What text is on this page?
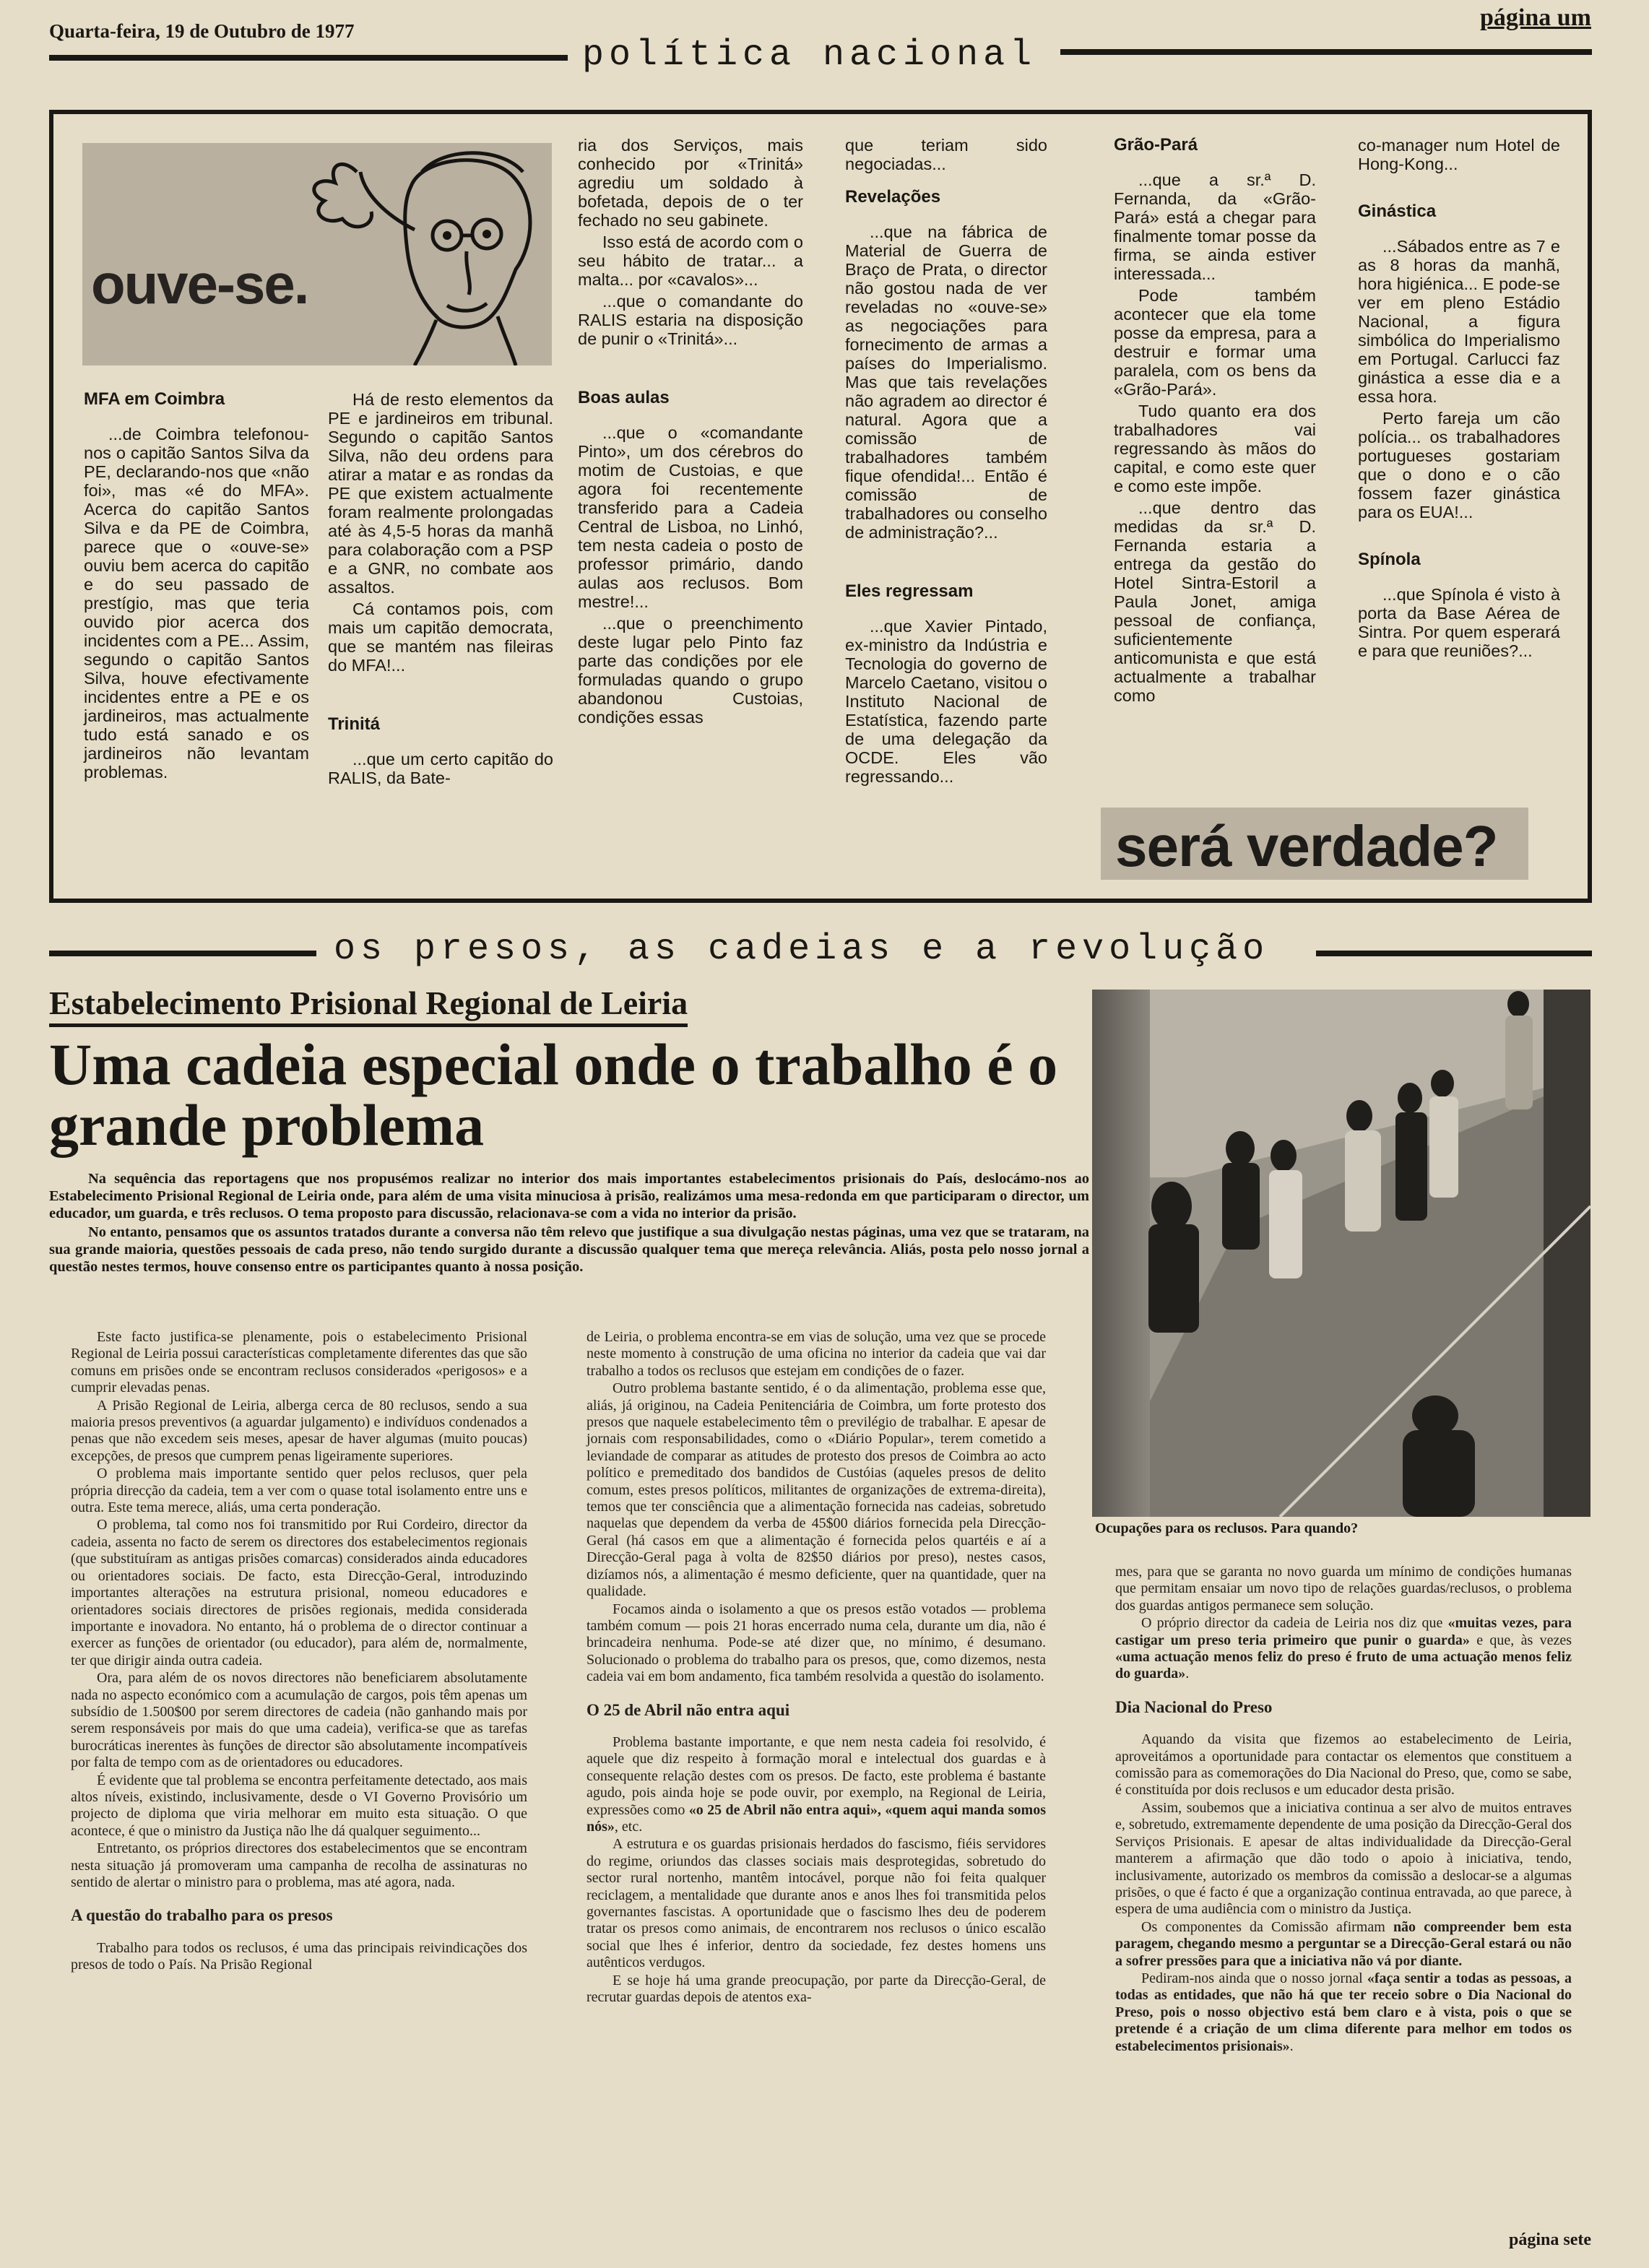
Quarta-feira, 19 de Outubro de 1977	página um
política nacional
ouve-se.

MFA em Coimbra

...de Coimbra telefonou-nos o capitão Santos Silva da PE, declarando-nos que «não foi», mas «é do MFA». Acerca do capitão Santos Silva e da PE de Coimbra, parece que o «ouve-se» ouviu bem acerca do capitão e do seu passado de prestígio, mas que teria ouvido pior acerca dos incidentes com a PE... Assim, segundo o capitão Santos Silva, houve efectivamente incidentes entre a PE e os jardineiros, mas actualmente tudo está sanado e os jardineiros não levantam problemas.

Há de resto elementos da PE e jardineiros em tribunal. Segundo o capitão Santos Silva, não deu ordens para atirar a matar e as rondas da PE que existem actualmente foram realmente prolongadas até às 4,5-5 horas da manhã para colaboração com a PSP e a GNR, no combate aos assaltos.

Cá contamos pois, com mais um capitão democrata, que se mantém nas fileiras do MFA!...

Trinitá

...que um certo capitão do RALIS, da Bate-

ria dos Serviços, mais conhecido por «Trinitá» agrediu um soldado à bofetada, depois de o ter fechado no seu gabinete.

Isso está de acordo com o seu hábito de tratar... a malta... por «cavalos»...

...que o comandante do RALIS estaria na disposição de punir o «Trinitá»...

Boas aulas

...que o «comandante Pinto», um dos cérebros do motim de Custoias, e que agora foi recentemente transferido para a Cadeia Central de Lisboa, no Linhó, tem nesta cadeia o posto de professor primário, dando aulas aos reclusos. Bom mestre!...

...que o preenchimento deste lugar pelo Pinto faz parte das condições por ele formuladas quando o grupo abandonou Custoias, condições essas

que teriam sido negociadas...

Revelações

...que na fábrica de Material de Guerra de Braço de Prata, o director não gostou nada de ver reveladas no «ouve-se» as negociações para fornecimento de armas a países do Imperialismo. Mas que tais revelações não agradem ao director é natural. Agora que a comissão de trabalhadores também fique ofendida!... Então é comissão de trabalhadores ou conselho de administração?...

Eles regressam

...que Xavier Pintado, ex-ministro da Indústria e Tecnologia do governo de Marcelo Caetano, visitou o Instituto Nacional de Estatística, fazendo parte de uma delegação da OCDE. Eles vão regressando...

Grão-Pará

...que a sr.ª D. Fernanda, da «Grão-Pará» está a chegar para finalmente tomar posse da firma, se ainda estiver interessada...

Pode também acontecer que ela tome posse da empresa, para a destruir e formar uma paralela, com os bens da «Grão-Pará».

Tudo quanto era dos trabalhadores vai regressando às mãos do capital, e como este quer e como este impõe.

...que dentro das medidas da sr.ª D. Fernanda estaria a entrega da gestão do Hotel Sintra-Estoril a Paula Jonet, amiga pessoal de confiança, suficientemente anticomunista e que está actualmente a trabalhar como

co-manager num Hotel de Hong-Kong...

Ginástica

...Sábados entre as 7 e as 8 horas da manhã, hora higiénica... E pode-se ver em pleno Estádio Nacional, a figura simbólica do Imperialismo em Portugal. Carlucci faz ginástica a esse dia e a essa hora.

Perto fareja um cão polícia... os trabalhadores portugueses gostariam que o dono e o cão fossem fazer ginástica para os EUA!...

Spínola

...que Spínola é visto à porta da Base Aérea de Sintra. Por quem esperará e para que reuniões?...

será verdade?
os presos, as cadeias e a revolução
Estabelecimento Prisional Regional de Leiria
Uma cadeia especial onde o trabalho é o grande problema

Na sequência das reportagens que nos propusémos realizar no interior dos mais importantes estabelecimentos prisionais do País, deslocámo-nos ao Estabelecimento Prisional Regional de Leiria onde, para além de uma visita minuciosa à prisão, realizámos uma mesa-redonda em que participaram o director, um educador, um guarda, e três reclusos. O tema proposto para discussão, relacionava-se com a vida no interior da prisão.

No entanto, pensamos que os assuntos tratados durante a conversa não têm relevo que justifique a sua divulgação nestas páginas, uma vez que se trataram, na sua grande maioria, questões pessoais de cada preso, não tendo surgido durante a discussão qualquer tema que mereça relevância. Aliás, posta pelo nosso jornal a questão nestes termos, houve consenso entre os participantes quanto à nossa posição.

Este facto justifica-se plenamente, pois o estabelecimento Prisional Regional de Leiria possui características completamente diferentes das que são comuns em prisões onde se encontram reclusos considerados «perigosos» e a cumprir elevadas penas.

A Prisão Regional de Leiria, alberga cerca de 80 reclusos, sendo a sua maioria presos preventivos (a aguardar julgamento) e indivíduos condenados a penas que não excedem seis meses, apesar de haver algumas (muito poucas) excepções, de presos que cumprem penas ligeiramente superiores.

O problema mais importante sentido quer pelos reclusos, quer pela própria direcção da cadeia, tem a ver com o quase total isolamento entre uns e outra. Este tema merece, aliás, uma certa ponderação.

O problema, tal como nos foi transmitido por Rui Cordeiro, director da cadeia, assenta no facto de serem os directores dos estabelecimentos regionais (que substituíram as antigas prisões comarcas) considerados ainda educadores ou orientadores sociais. De facto, esta Direcção-Geral, introduzindo importantes alterações na estrutura prisional, nomeou educadores e orientadores sociais directores de prisões regionais, medida considerada importante e inovadora. No entanto, há o problema de o director continuar a exercer as funções de orientador (ou educador), para além de, normalmente, ter que dirigir ainda outra cadeia.

Ora, para além de os novos directores não beneficiarem absolutamente nada no aspecto económico com a acumulação de cargos, pois têm apenas um subsídio de 1.500$00 por serem directores de cadeia (não ganhando mais por serem responsáveis por mais do que uma cadeia), verifica-se que as tarefas burocráticas inerentes às funções de director são absolutamente incompatíveis por falta de tempo com as de orientadores ou educadores.

É evidente que tal problema se encontra perfeitamente detectado, aos mais altos níveis, existindo, inclusivamente, desde o VI Governo Provisório um projecto de diploma que viria melhorar em muito esta situação. O que acontece, é que o ministro da Justiça não lhe dá qualquer seguimento...

Entretanto, os próprios directores dos estabelecimentos que se encontram nesta situação já promoveram uma campanha de recolha de assinaturas no sentido de alertar o ministro para o problema, mas até agora, nada.

A questão do trabalho para os presos

Trabalho para todos os reclusos, é uma das principais reivindicações dos presos de todo o País. Na Prisão Regional

de Leiria, o problema encontra-se em vias de solução, uma vez que se procede neste momento à construção de uma oficina no interior da cadeia que vai dar trabalho a todos os reclusos que estejam em condições de o fazer.

Outro problema bastante sentido, é o da alimentação, problema esse que, aliás, já originou, na Cadeia Penitenciária de Coimbra, um forte protesto dos presos que naquele estabelecimento têm o previlégio de trabalhar. E apesar de jornais com responsabilidades, como o «Diário Popular», terem cometido a leviandade de comparar as atitudes de protesto dos presos de Coimbra ao acto político e premeditado dos bandidos de Custóias (aqueles presos de delito comum, estes presos políticos, militantes de organizações de extrema-direita), temos que ter consciência que a alimentação fornecida nas cadeias, sobretudo naquelas que dependem da verba de 45$00 diários fornecida pela Direcção-Geral (há casos em que a alimentação é fornecida pelos quartéis e aí a Direcção-Geral paga à volta de 82$50 diários por preso), nestes casos, dizíamos nós, a alimentação é mesmo deficiente, quer na quantidade, quer na qualidade.

Focamos ainda o isolamento a que os presos estão votados — problema também comum — pois 21 horas encerrado numa cela, durante um dia, não é brincadeira nenhuma. Pode-se até dizer que, no mínimo, é desumano. Solucionado o problema do trabalho para os presos, que, como dizemos, nesta cadeia vai em bom andamento, fica também resolvida a questão do isolamento.

O 25 de Abril não entra aqui

Problema bastante importante, e que nem nesta cadeia foi resolvido, é aquele que diz respeito à formação moral e intelectual dos guardas e à consequente relação destes com os presos. De facto, este problema é bastante agudo, pois ainda hoje se pode ouvir, por exemplo, na Regional de Leiria, expressões como «o 25 de Abril não entra aqui», «quem aqui manda somos nós», etc.

A estrutura e os guardas prisionais herdados do fascismo, fiéis servidores do regime, oriundos das classes sociais mais desprotegidas, sobretudo do sector rural nortenho, mantêm intocável, porque não foi feita qualquer reciclagem, a mentalidade que durante anos e anos lhes foi transmitida pelos governantes fascistas. A oportunidade que o fascismo lhes deu de poderem tratar os presos como animais, de encontrarem nos reclusos o único escalão social que lhes é inferior, dentro da sociedade, fez destes homens uns autênticos verdugos.

E se hoje há uma grande preocupação, por parte da Direcção-Geral, de recrutar guardas depois de atentos exa-

Ocupações para os reclusos. Para quando?

mes, para que se garanta no novo guarda um mínimo de condições humanas que permitam ensaiar um novo tipo de relações guardas/reclusos, o problema dos guardas antigos permanece sem solução.

O próprio director da cadeia de Leiria nos diz que «muitas vezes, para castigar um preso teria primeiro que punir o guarda» e que, às vezes «uma actuação menos feliz do preso é fruto de uma actuação menos feliz do guarda».

Dia Nacional do Preso

Aquando da visita que fizemos ao estabelecimento de Leiria, aproveitámos a oportunidade para contactar os elementos que constituem a comissão para as comemorações do Dia Nacional do Preso, que, como se sabe, é constituída por dois reclusos e um educador desta prisão.

Assim, soubemos que a iniciativa continua a ser alvo de muitos entraves e, sobretudo, extremamente dependente de uma posição da Direcção-Geral dos Serviços Prisionais. E apesar de altas individualidade da Direcção-Geral manterem a afirmação que dão todo o apoio à iniciativa, tendo, inclusivamente, autorizado os membros da comissão a deslocar-se a algumas prisões, o que é facto é que a organização continua entravada, ao que parece, à espera de uma audiência com o ministro da Justiça.

Os componentes da Comissão afirmam não compreender bem esta paragem, chegando mesmo a perguntar se a Direcção-Geral estará ou não a sofrer pressões para que a iniciativa não vá por diante.

Pediram-nos ainda que o nosso jornal «faça sentir a todas as pessoas, a todas as entidades, que não há que ter receio sobre o Dia Nacional do Preso, pois o nosso objectivo está bem claro e à vista, pois o que se pretende é a criação de um clima diferente para melhor em todos os estabelecimentos prisionais».

página sete
